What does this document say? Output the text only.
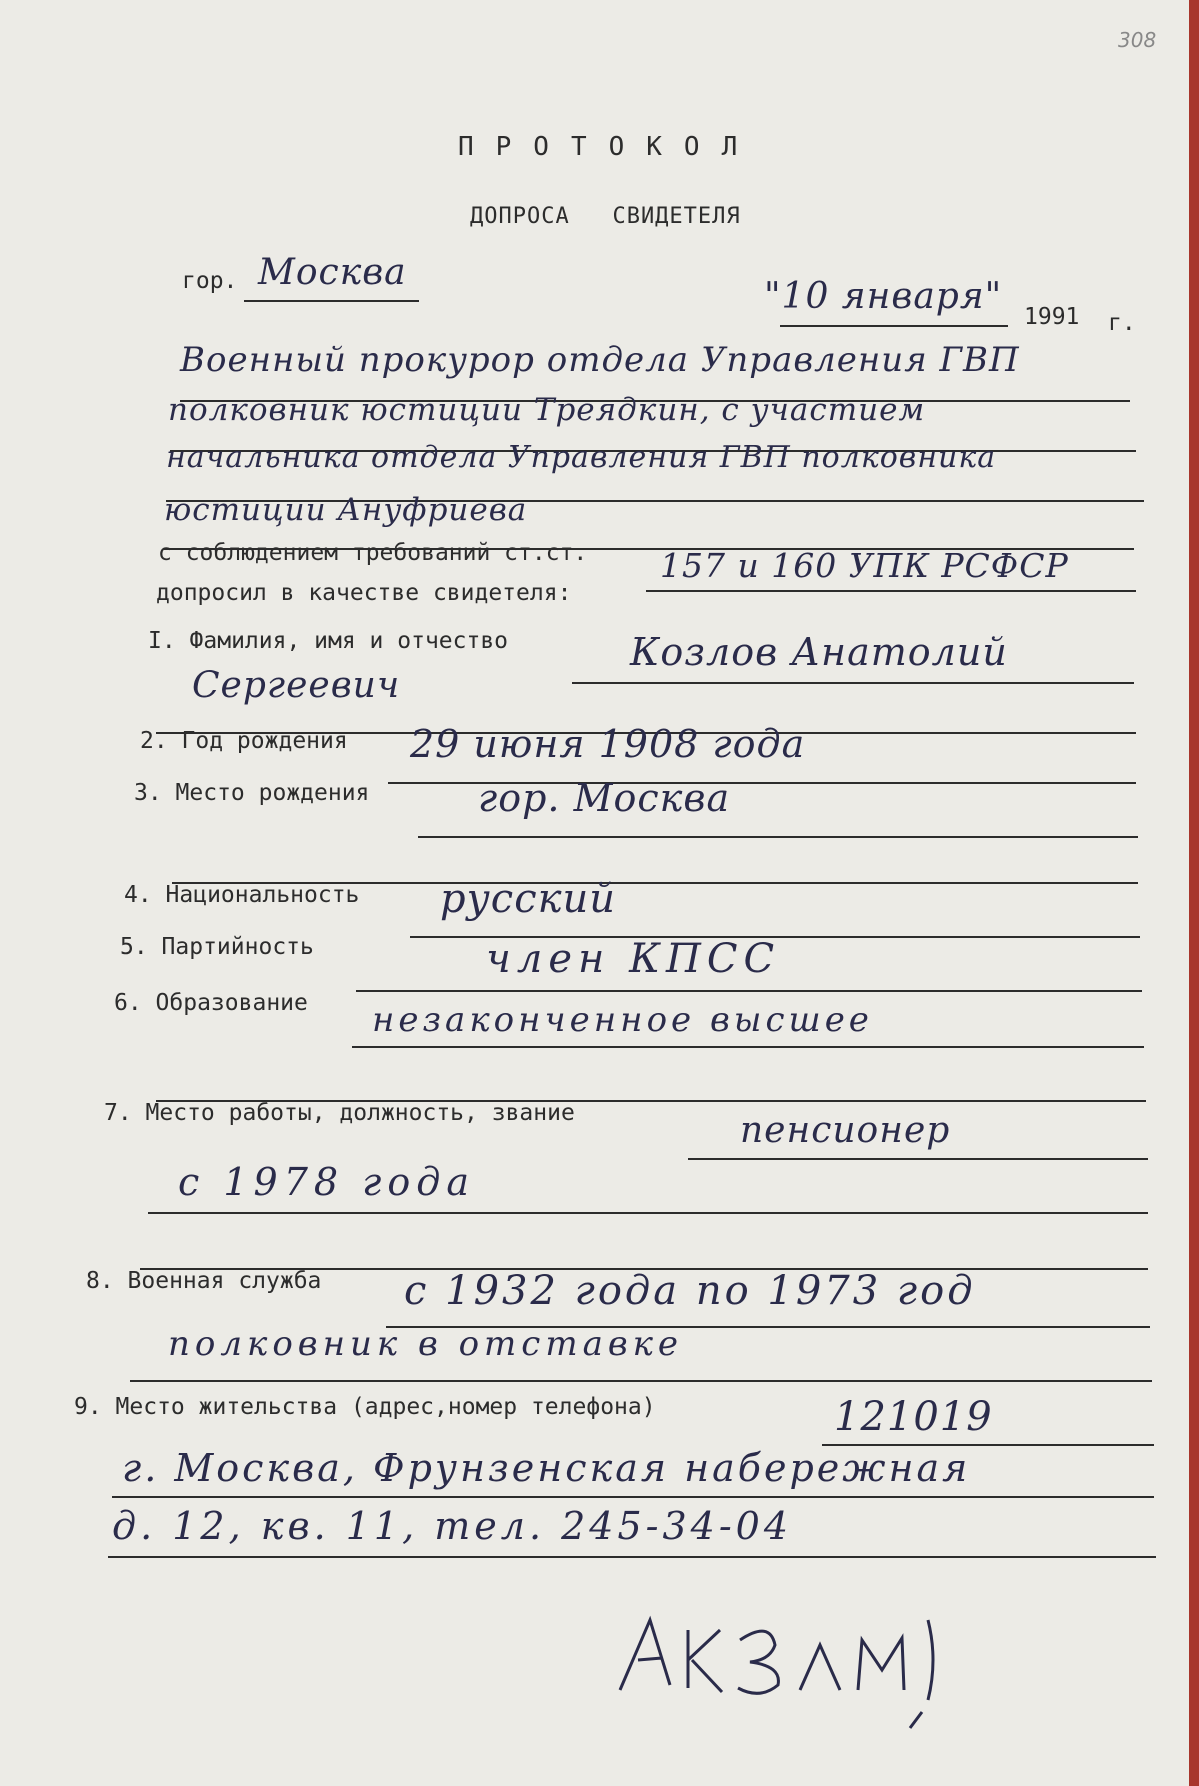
308
ПРОТОКОЛ
ДОПРОСА   СВИДЕТЕЛЯ
гор. Москва
"10 января" 1991 г.
Военный прокурор отдела Управления ГВП
полковник юстиции Треядкин, с участием
начальника отдела Управления ГВП полковника
юстиции Ануфриева
с соблюдением требований ст.ст. 157 и 160 УПК РСФСР
допросил в качестве свидетеля:
I. Фамилия, имя и отчество	Козлов Анатолий
Сергеевич
2. Год рождения 29 июня 1908 года
3. Место рождения	гор. Москва
4. Национальность русский
5. Партийность	член КПСС
6. Образование незаконченное высшее
7. Место работы, должность, звание	пенсионер
с 1978 года
8. Военная служба с 1932 года по 1973 год
полковник в отставке
9. Место жительства (адрес,номер телефона)	121019
г. Москва, Фрунзенская набережная
д. 12, кв. 11, тел. 245-34-04
